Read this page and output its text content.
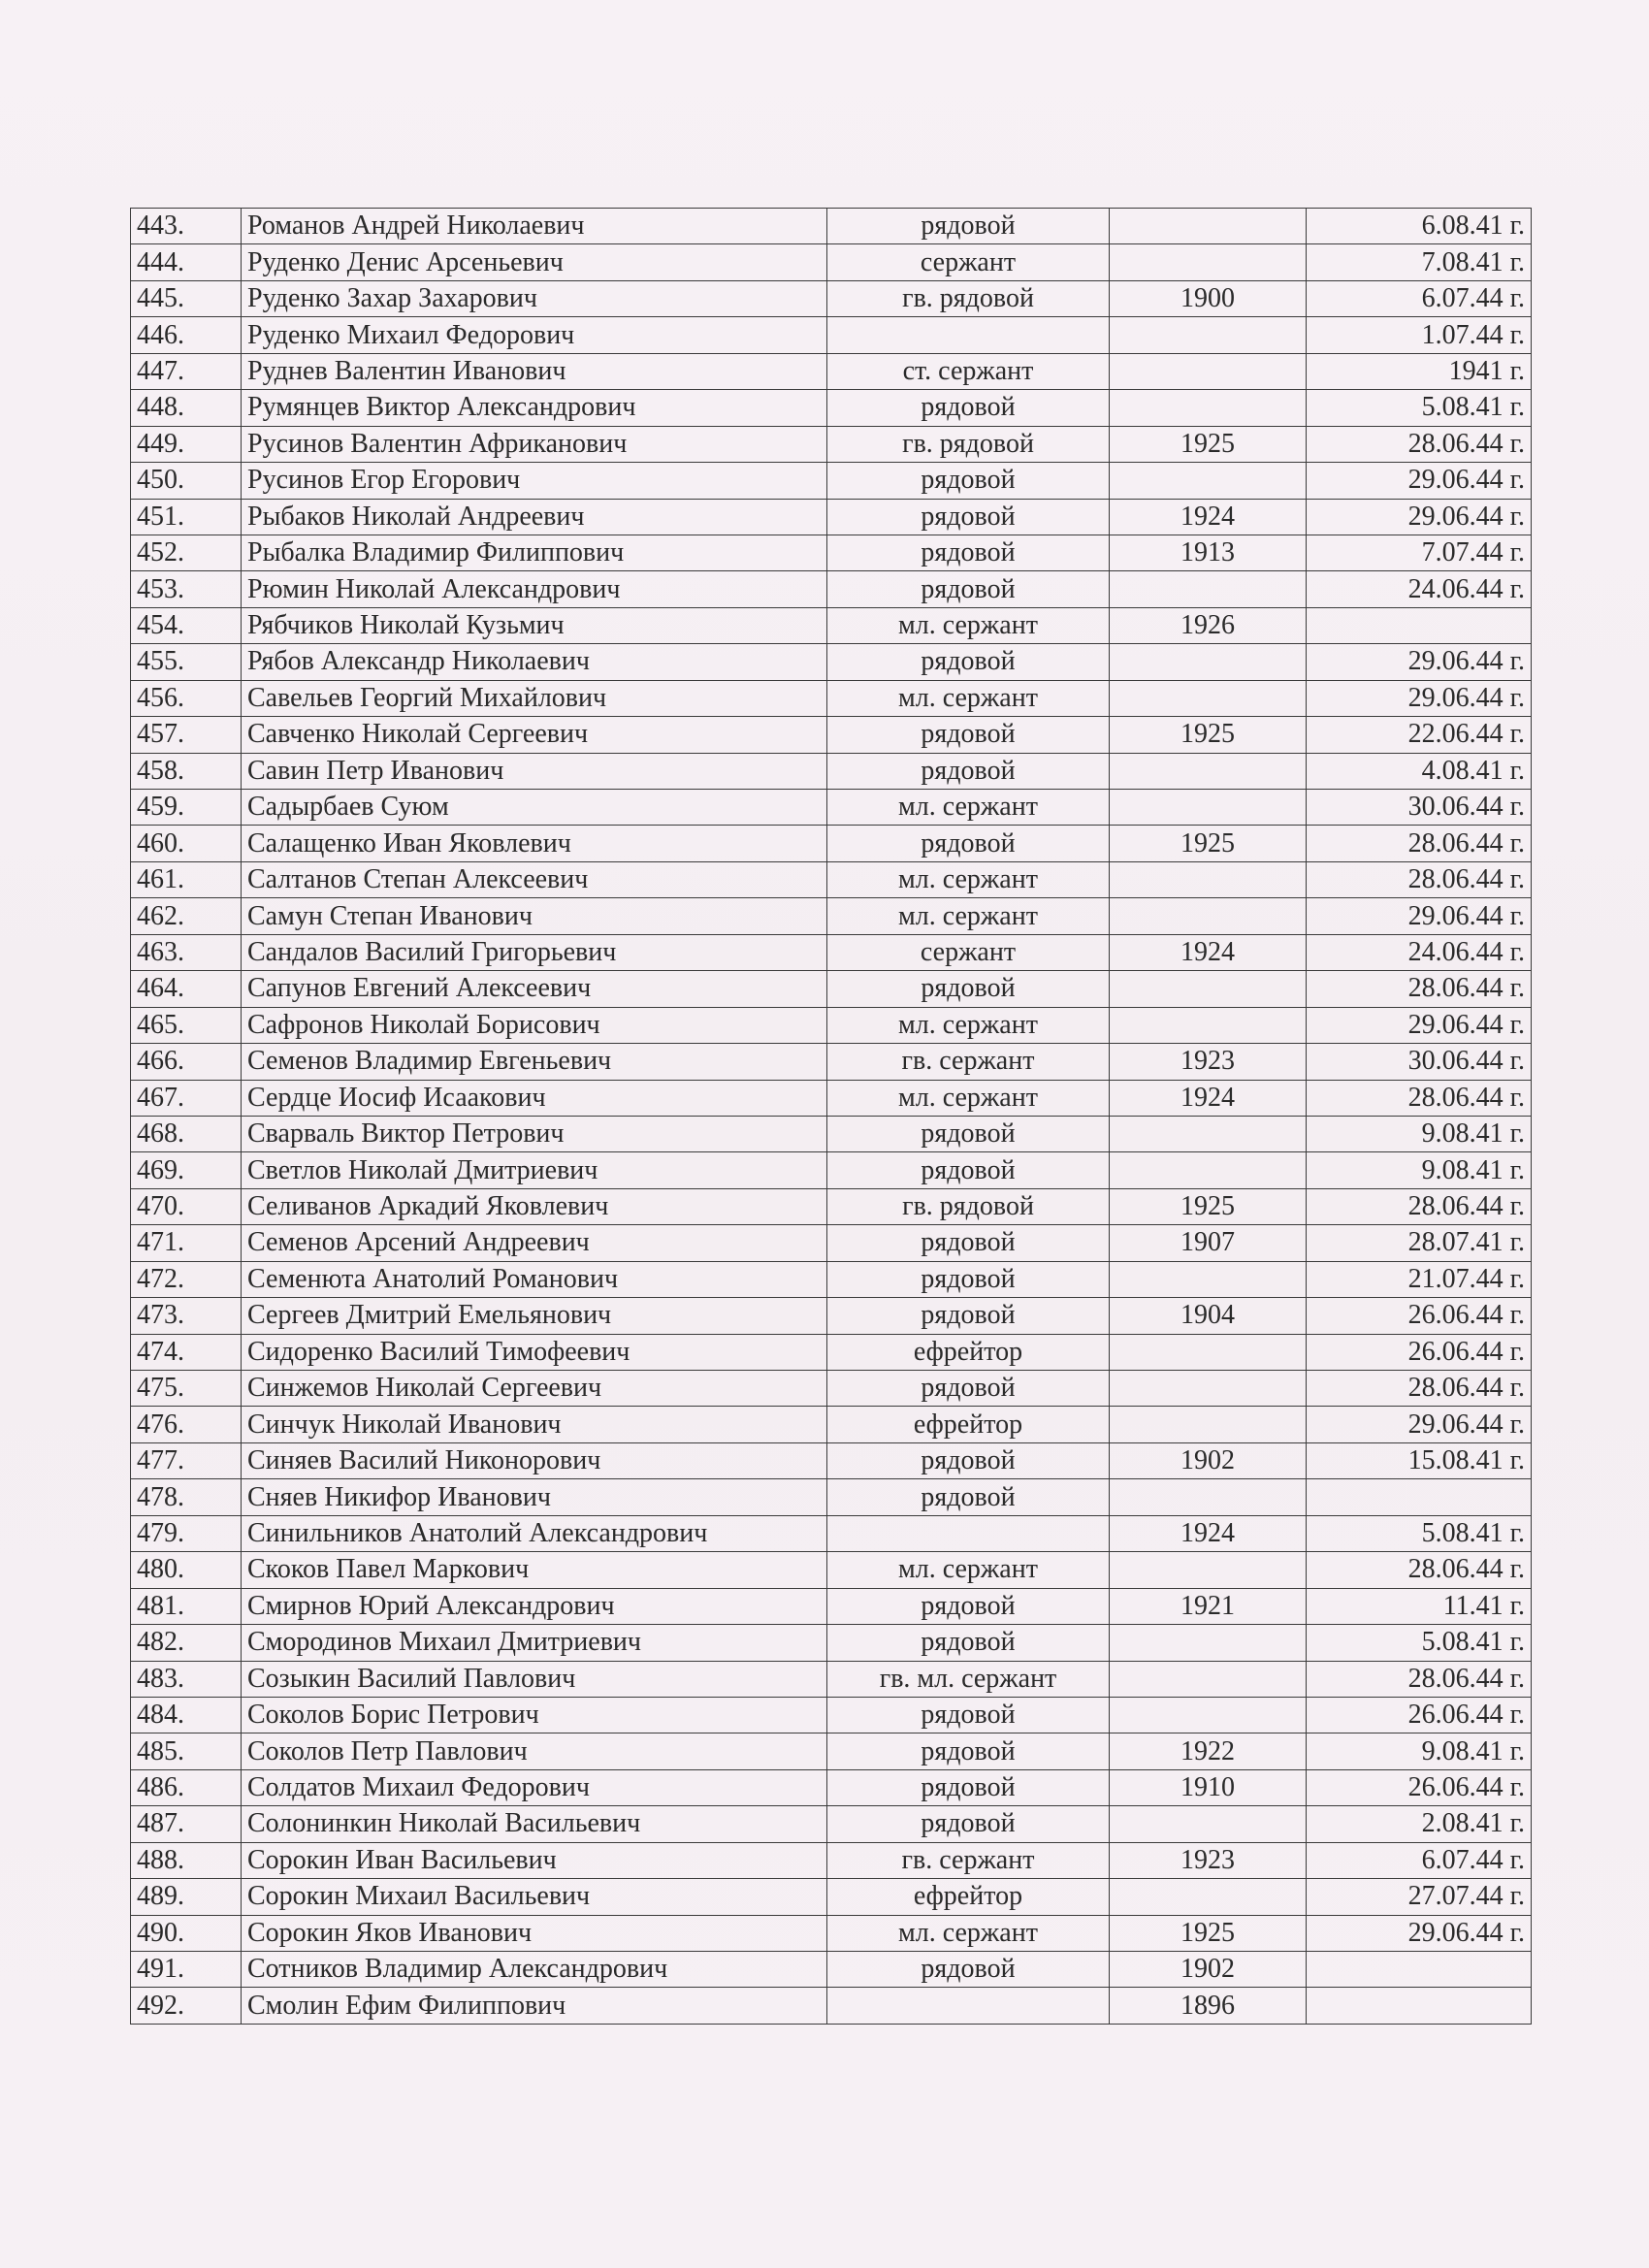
443.	Романов Андрей Николаевич	рядовой		6.08.41 г.
444.	Руденко Денис Арсеньевич	сержант		7.08.41 г.
445.	Руденко Захар Захарович	гв. рядовой	1900	6.07.44 г.
446.	Руденко Михаил Федорович			1.07.44 г.
447.	Руднев Валентин Иванович	ст. сержант		1941 г.
448.	Румянцев Виктор Александрович	рядовой		5.08.41 г.
449.	Русинов Валентин Африканович	гв. рядовой	1925	28.06.44 г.
450.	Русинов Егор Егорович	рядовой		29.06.44 г.
451.	Рыбаков Николай Андреевич	рядовой	1924	29.06.44 г.
452.	Рыбалка Владимир Филиппович	рядовой	1913	7.07.44 г.
453.	Рюмин Николай Александрович	рядовой		24.06.44 г.
454.	Рябчиков Николай Кузьмич	мл. сержант	1926	
455.	Рябов Александр Николаевич	рядовой		29.06.44 г.
456.	Савельев Георгий Михайлович	мл. сержант		29.06.44 г.
457.	Савченко Николай Сергеевич	рядовой	1925	22.06.44 г.
458.	Савин Петр Иванович	рядовой		4.08.41 г.
459.	Садырбаев Суюм	мл. сержант		30.06.44 г.
460.	Салащенко Иван Яковлевич	рядовой	1925	28.06.44 г.
461.	Салтанов Степан Алексеевич	мл. сержант		28.06.44 г.
462.	Самун Степан Иванович	мл. сержант		29.06.44 г.
463.	Сандалов Василий Григорьевич	сержант	1924	24.06.44 г.
464.	Сапунов Евгений Алексеевич	рядовой		28.06.44 г.
465.	Сафронов Николай Борисович	мл. сержант		29.06.44 г.
466.	Семенов Владимир Евгеньевич	гв. сержант	1923	30.06.44 г.
467.	Сердце Иосиф Исаакович	мл. сержант	1924	28.06.44 г.
468.	Сварваль Виктор Петрович	рядовой		9.08.41 г.
469.	Светлов Николай Дмитриевич	рядовой		9.08.41 г.
470.	Селиванов Аркадий Яковлевич	гв. рядовой	1925	28.06.44 г.
471.	Семенов Арсений Андреевич	рядовой	1907	28.07.41 г.
472.	Семенюта Анатолий Романович	рядовой		21.07.44 г.
473.	Сергеев Дмитрий Емельянович	рядовой	1904	26.06.44 г.
474.	Сидоренко Василий Тимофеевич	ефрейтор		26.06.44 г.
475.	Синжемов Николай Сергеевич	рядовой		28.06.44 г.
476.	Синчук Николай Иванович	ефрейтор		29.06.44 г.
477.	Синяев Василий Никонорович	рядовой	1902	15.08.41 г.
478.	Сняев Никифор Иванович	рядовой		
479.	Синильников Анатолий Александрович		1924	5.08.41 г.
480.	Скоков Павел Маркович	мл. сержант		28.06.44 г.
481.	Смирнов Юрий Александрович	рядовой	1921	11.41 г.
482.	Смородинов Михаил Дмитриевич	рядовой		5.08.41 г.
483.	Созыкин Василий Павлович	гв. мл. сержант		28.06.44 г.
484.	Соколов Борис Петрович	рядовой		26.06.44 г.
485.	Соколов Петр Павлович	рядовой	1922	9.08.41 г.
486.	Солдатов Михаил Федорович	рядовой	1910	26.06.44 г.
487.	Солонинкин Николай Васильевич	рядовой		2.08.41 г.
488.	Сорокин Иван Васильевич	гв. сержант	1923	6.07.44 г.
489.	Сорокин Михаил Васильевич	ефрейтор		27.07.44 г.
490.	Сорокин Яков Иванович	мл. сержант	1925	29.06.44 г.
491.	Сотников Владимир Александрович	рядовой	1902	
492.	Смолин Ефим Филиппович		1896	
